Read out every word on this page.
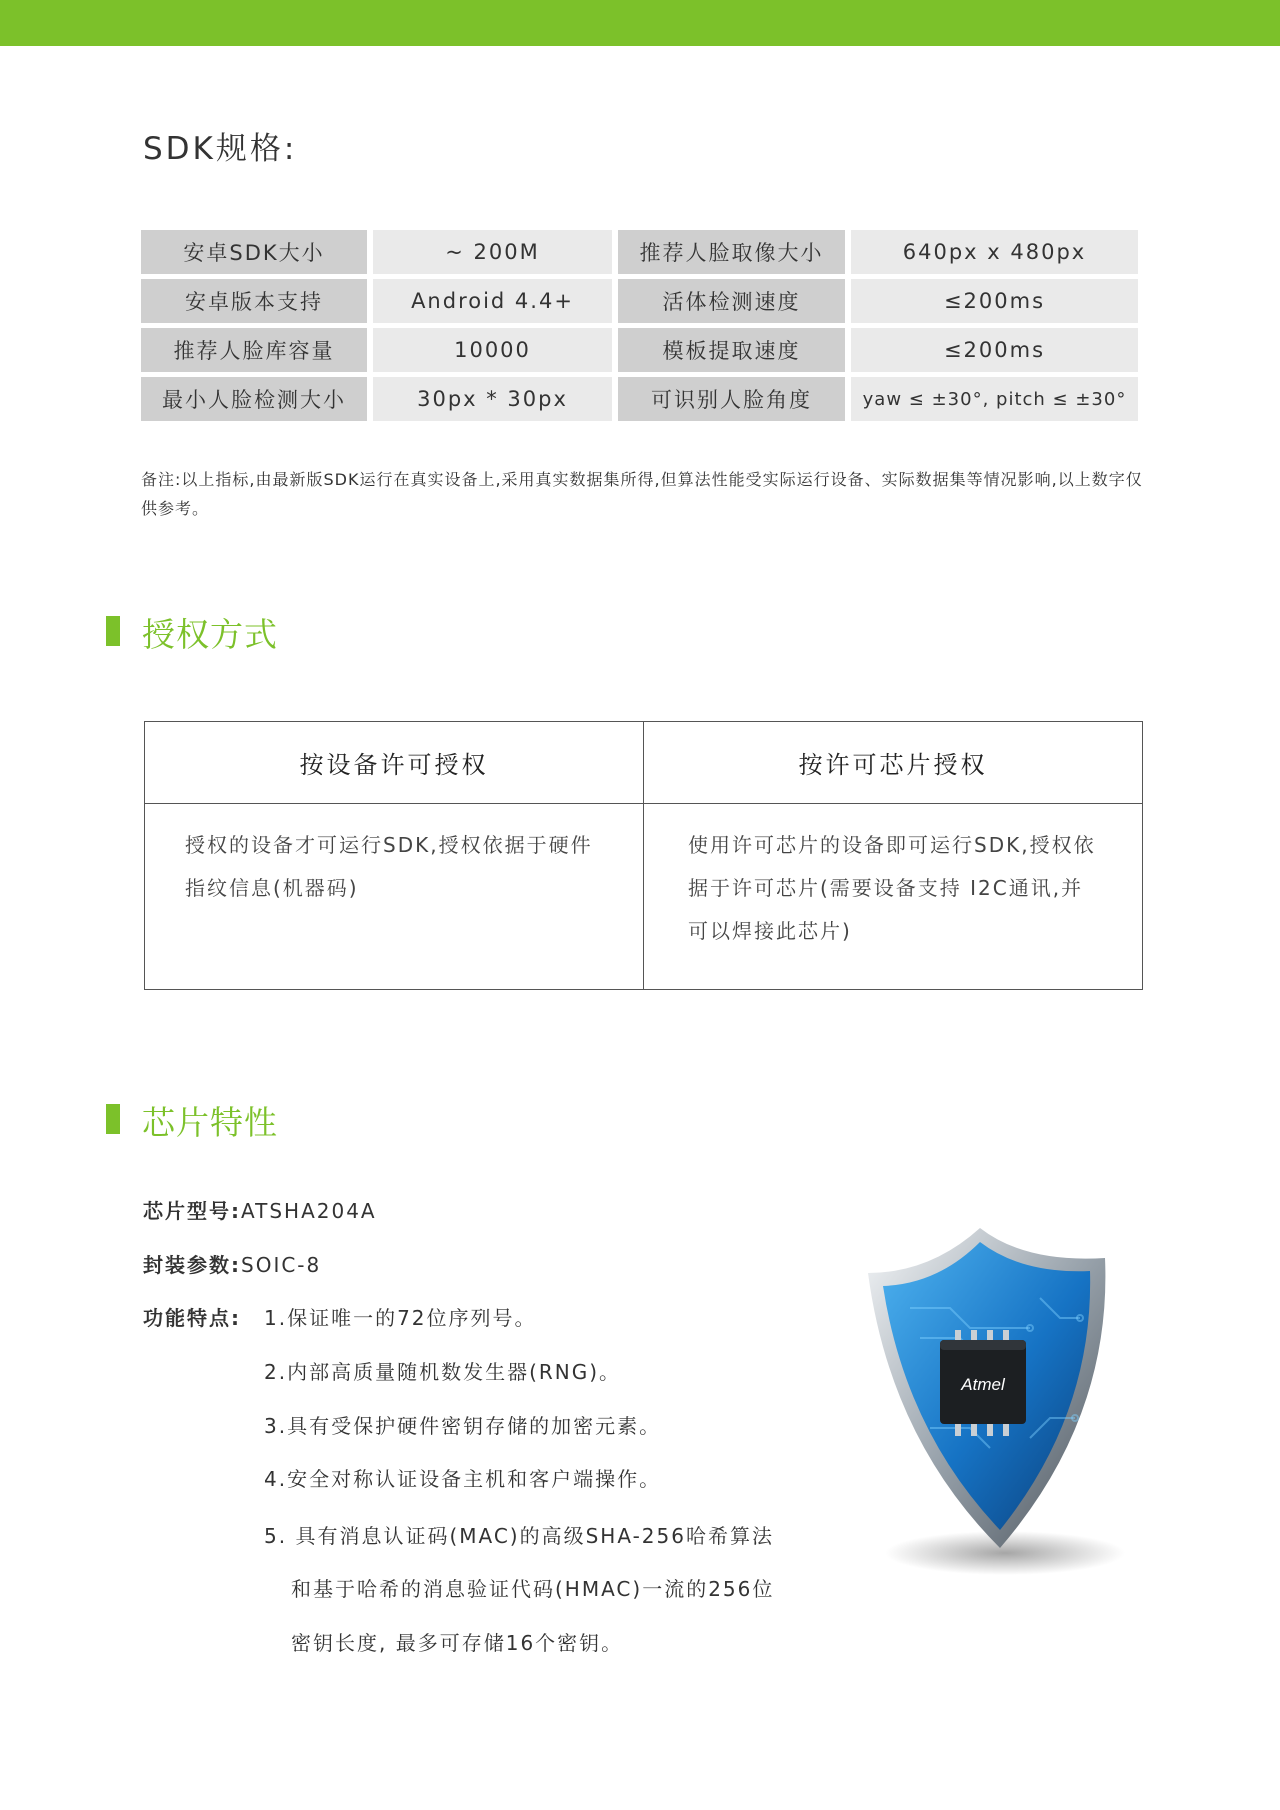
SDK规格:
安卓SDK大小	~ 200M	推荐人脸取像大小	640px x 480px
安卓版本支持	Android 4.4+	活体检测速度	≤200ms
推荐人脸库容量	10000	模板提取速度	≤200ms
最小人脸检测大小	30px * 30px	可识别人脸角度	yaw ≤ ±30°, pitch ≤ ±30°
备注:以上指标,由最新版SDK运行在真实设备上,采用真实数据集所得,但算法性能受实际运行设备、实际数据集等情况影响,以上数字仅供参考。
授权方式
按设备许可授权	按许可芯片授权

授权的设备才可运行SDK,授权依据于硬件指纹信息(机器码)	使用许可芯片的设备即可运行SDK,授权依据于许可芯片(需要设备支持 I2C通讯,并可以焊接此芯片)
芯片特性
芯片型号:ATSHA204A
封装参数:SOIC-8
功能特点: 1.保证唯一的72位序列号。
2.内部高质量随机数发生器(RNG)。
3.具有受保护硬件密钥存储的加密元素。
4.安全对称认证设备主机和客户端操作。
5. 具有消息认证码(MAC)的高级SHA-256哈希算法
和基于哈希的消息验证代码(HMAC)一流的256位
密钥长度, 最多可存储16个密钥。
Atmel
